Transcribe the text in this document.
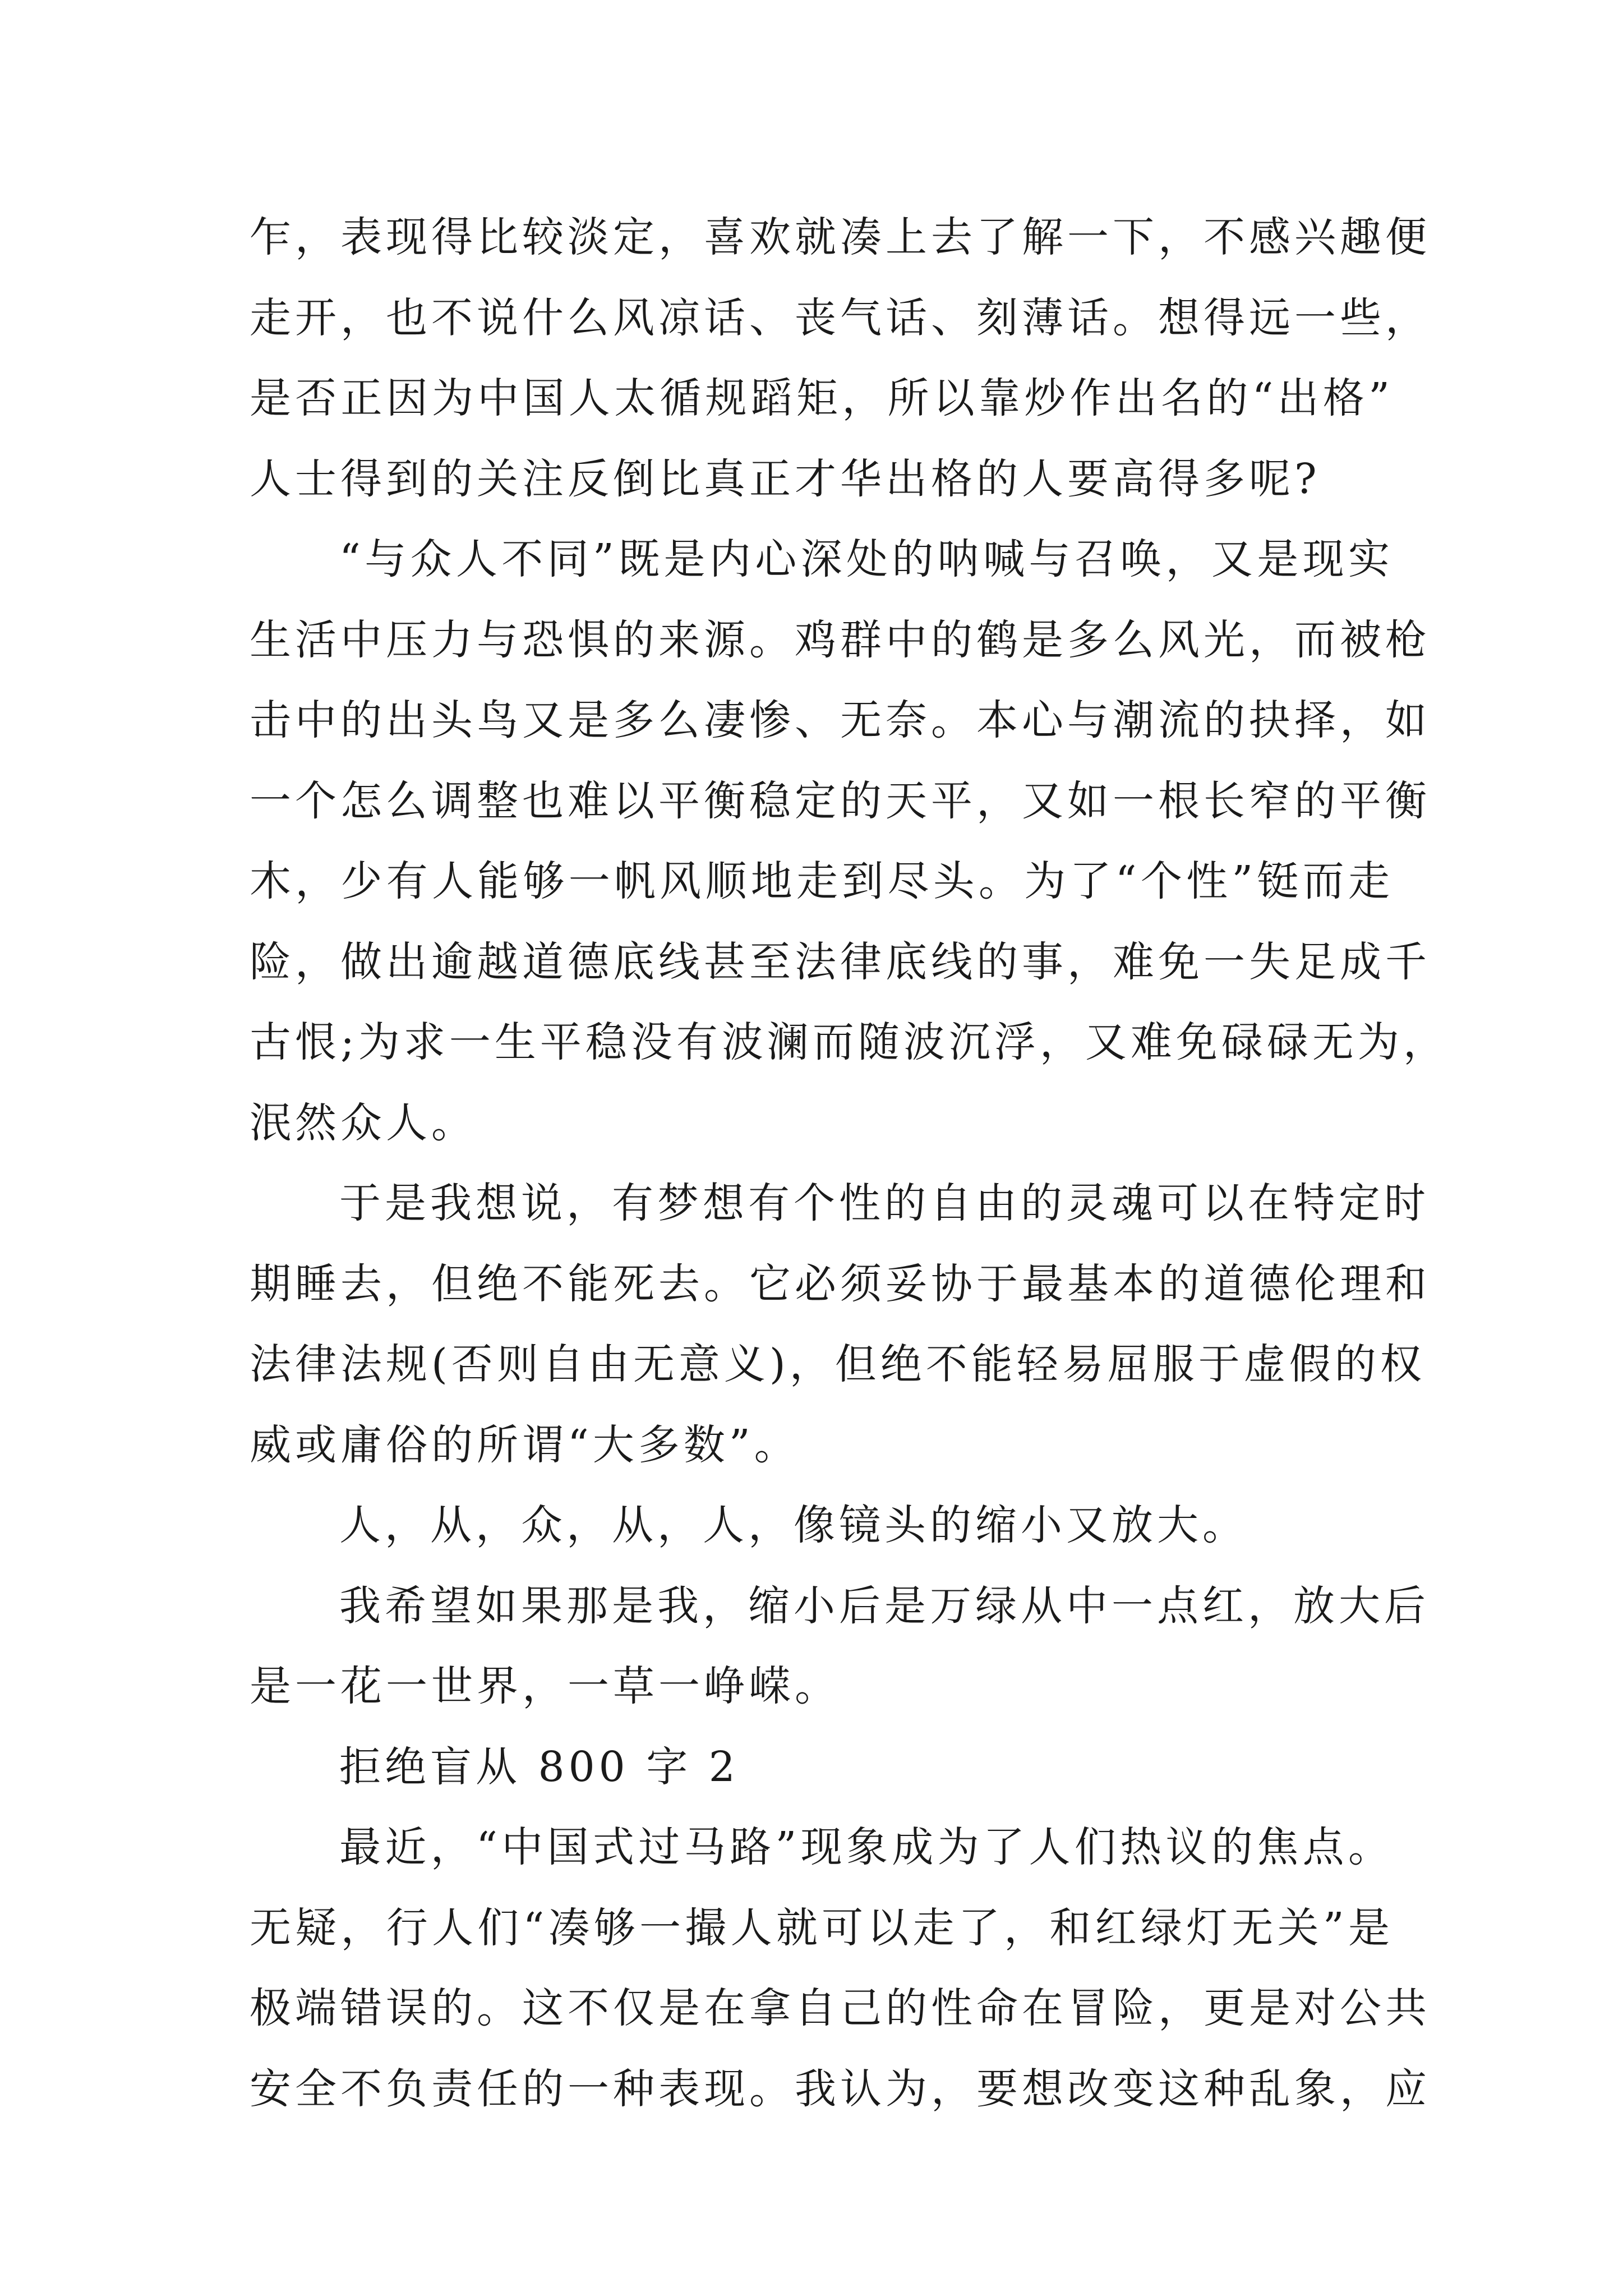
乍，表现得比较淡定，喜欢就凑上去了解一下，不感兴趣便
走开，也不说什么风凉话、丧气话、刻薄话。想得远一些，
是否正因为中国人太循规蹈矩，所以靠炒作出名的“出格”
人士得到的关注反倒比真正才华出格的人要高得多呢?
“与众人不同”既是内心深处的呐喊与召唤，又是现实
生活中压力与恐惧的来源。鸡群中的鹤是多么风光，而被枪
击中的出头鸟又是多么凄惨、无奈。本心与潮流的抉择，如
一个怎么调整也难以平衡稳定的天平，又如一根长窄的平衡
木，少有人能够一帆风顺地走到尽头。为了“个性”铤而走
险，做出逾越道德底线甚至法律底线的事，难免一失足成千
古恨;为求一生平稳没有波澜而随波沉浮，又难免碌碌无为，
泯然众人。
于是我想说，有梦想有个性的自由的灵魂可以在特定时
期睡去，但绝不能死去。它必须妥协于最基本的道德伦理和
法律法规(否则自由无意义)，但绝不能轻易屈服于虚假的权
威或庸俗的所谓“大多数”。
人，从，众，从，人，像镜头的缩小又放大。
我希望如果那是我，缩小后是万绿从中一点红，放大后
是一花一世界，一草一峥嵘。
拒绝盲从 800 字 2
最近，“中国式过马路”现象成为了人们热议的焦点。
无疑，行人们“凑够一撮人就可以走了，和红绿灯无关”是
极端错误的。这不仅是在拿自己的性命在冒险，更是对公共
安全不负责任的一种表现。我认为，要想改变这种乱象，应
